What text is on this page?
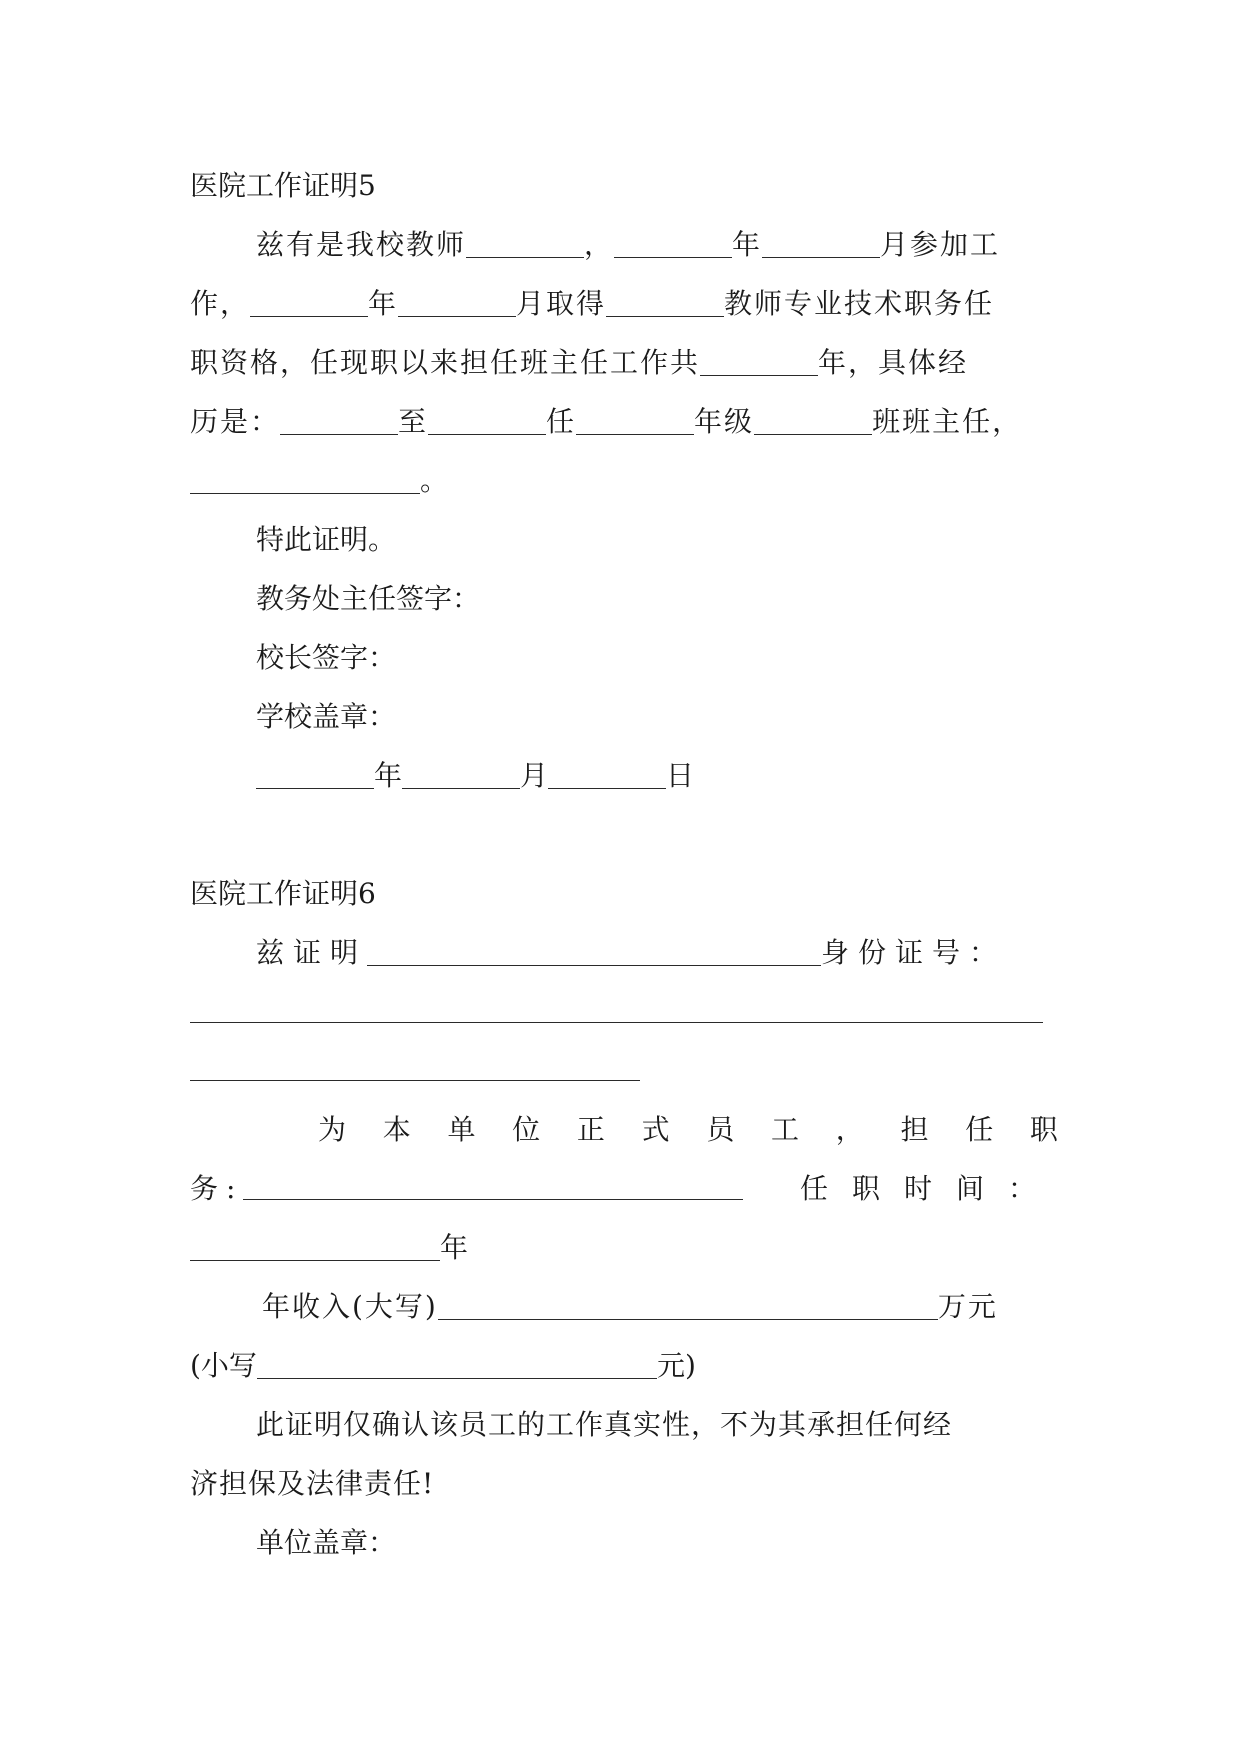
医院工作证明5
兹有是我校教师	，	年	月参加工
作，	年	月取得	教师专业技术职务任
职资格，任现职以来担任班主任工作共	年，具体经
历是：	至	任	年级	班班主任，
。
特此证明。
教务处主任签字：
校长签字：
学校盖章：
年	月	日
医院工作证明6
兹证明	身份证号：
为 本 单 位 正 式 员 工 ， 担 任 职
务:	任职时间：
年
年收入(大写)	万元
(小写	元)
此证明仅确认该员工的工作真实性，不为其承担任何经
济担保及法律责任!
单位盖章：
